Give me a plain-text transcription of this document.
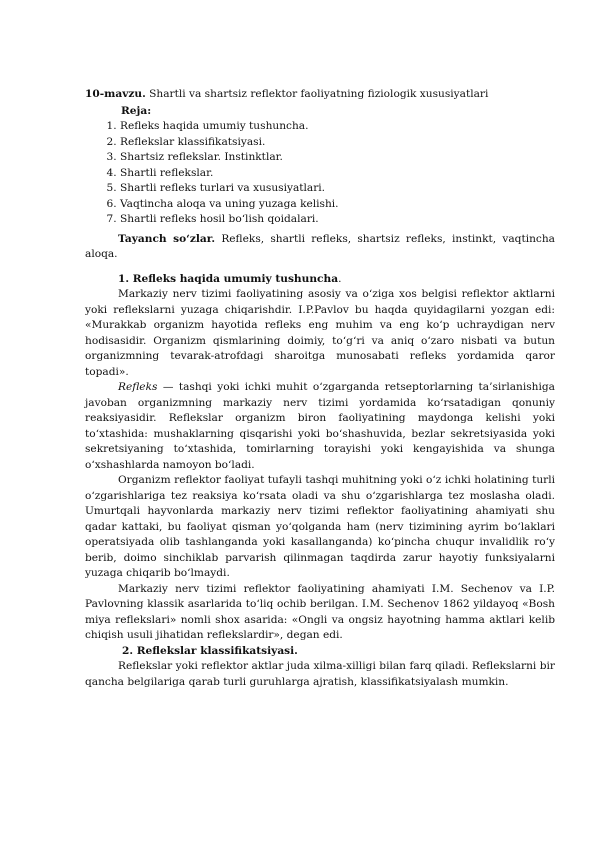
10-mavzu. Shartli va shartsiz reflektor faoliyatning fiziologik xususiyatlari

Reja:

1. Refleks haqida umumiy tushuncha.
2. Reflekslar klassifikatsiyasi.
3. Shartsiz reflekslar. Instinktlar.
4. Shartli reflekslar.
5. Shartli refleks turlari va xususiyatlari.
6. Vaqtincha aloqa va uning yuzaga kelishi.
7. Shartli refleks hosil bo‘lish qoidalari.

Tayanch so‘zlar. Refleks, shartli refleks, shartsiz refleks, instinkt, vaqtincha aloqa.

1. Refleks haqida umumiy tushuncha.

Markaziy nerv tizimi faoliyatining asosiy va o‘ziga xos belgisi reflektor aktlarni yoki reflekslarni yuzaga chiqarishdir. I.P.Pavlov bu haqda quyidagilarni yozgan edi: «Murakkab organizm hayotida refleks eng muhim va eng ko‘p uchraydigan nerv hodisasidir. Organizm qismlarining doimiy, to‘g‘ri va aniq o‘zaro nisbati va butun organizmning tevarak-atrofdagi sharoitga munosabati refleks yordamida qaror topadi».

Refleks — tashqi yoki ichki muhit o‘zgarganda retseptorlarning ta’sirlanishiga javoban organizmning markaziy nerv tizimi yordamida ko‘rsatadigan qonuniy reaksiyasidir. Reflekslar organizm biron faoliyatining maydonga kelishi yoki to‘xtashida: mushaklarning qisqarishi yoki bo‘shashuvida, bezlar sekretsiyasida yoki sekretsiyaning to‘xtashida, tomirlarning torayishi yoki kengayishida va shunga o‘xshashlarda namoyon bo‘ladi.

Organizm reflektor faoliyat tufayli tashqi muhitning yoki o‘z ichki holatining turli o‘zgarishlariga tez reaksiya ko‘rsata oladi va shu o‘zgarishlarga tez moslasha oladi. Umurtqali hayvonlarda markaziy nerv tizimi reflektor faoliyatining ahamiyati shu qadar kattaki, bu faoliyat qisman yo‘qolganda ham (nerv tizimining ayrim bo‘laklari operatsiyada olib tashlanganda yoki kasallanganda) ko‘pincha chuqur invalidlik ro‘y berib, doimo sinchiklab parvarish qilinmagan taqdirda zarur hayotiy funksiyalarni yuzaga chiqarib bo‘lmaydi.

Markaziy nerv tizimi reflektor faoliyatining ahamiyati I.M. Sechenov va I.P. Pavlovning klassik asarlarida to‘liq ochib berilgan. I.M. Sechenov 1862 yildayoq «Bosh miya reflekslari» nomli shox asarida: «Ongli va ongsiz hayotning hamma aktlari kelib chiqish usuli jihatidan reflekslardir», degan edi.

2. Reflekslar klassifikatsiyasi.

Reflekslar yoki reflektor aktlar juda xilma-xilligi bilan farq qiladi. Reflekslarni bir qancha belgilariga qarab turli guruhlarga ajratish, klassifikatsiyalash mumkin.
